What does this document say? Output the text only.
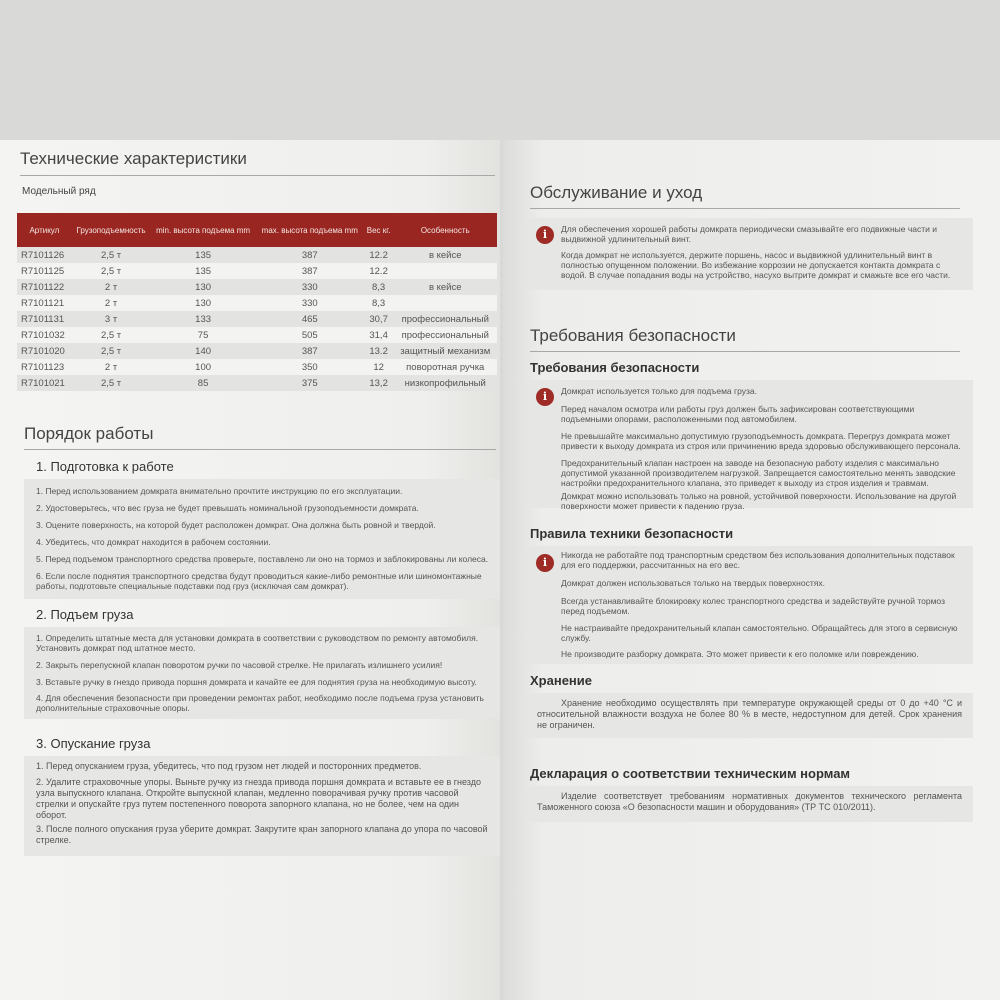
Технические характеристики
Модельный ряд
Артикул	Грузоподъемность	min. высота подъема mm	max. высота подъема mm	Вес кг.	Особенность
R7101126	2,5 т	135	387	12.2	в кейсе
R7101125	2,5 т	135	387	12.2	
R7101122	2 т	130	330	8,3	в кейсе
R7101121	2 т	130	330	8,3	
R7101131	3 т	133	465	30,7	профессиональный
R7101032	2,5 т	75	505	31,4	профессиональный
R7101020	2,5 т	140	387	13.2	защитный механизм
R7101123	2 т	100	350	12	поворотная ручка
R7101021	2,5 т	85	375	13,2	низкопрофильный
Порядок работы
1. Подготовка к работе
1. Перед использованием домкрата внимательно прочтите инструкцию по его эксплуатации.
2. Удостоверьтесь, что вес груза не будет превышать номинальной грузоподъемности домкрата.
3. Оцените поверхность, на которой будет расположен домкрат. Она должна быть ровной и твердой.
4. Убедитесь, что домкрат находится в рабочем состоянии.
5. Перед подъемом транспортного средства проверьте, поставлено ли оно на тормоз и заблокированы ли колеса.
6. Если после поднятия транспортного средства будут проводиться какие-либо ремонтные или шиномонтажные работы, подготовьте специальные подставки под груз (исключая сам домкрат).
2. Подъем груза
1. Определить штатные места для установки домкрата в соответствии с руководством по ремонту автомобиля. Установить домкрат под штатное место.
2. Закрыть перепускной клапан поворотом ручки по часовой стрелке. Не прилагать излишнего усилия!
3. Вставьте ручку в гнездо привода поршня домкрата и качайте ее для поднятия груза на необходимую высоту.
4. Для обеспечения безопасности при проведении ремонтах работ, необходимо после подъема груза установить дополнительные страховочные опоры.
3. Опускание груза
1. Перед опусканием груза, убедитесь, что под грузом нет людей и посторонних предметов.
2. Удалите страховочные упоры. Выньте ручку из гнезда привода поршня домкрата и вставьте ее в гнездо узла выпускного клапана. Откройте выпускной клапан, медленно поворачивая ручку против часовой стрелки и опускайте груз путем постепенного поворота запорного клапана, но не более, чем на один оборот.
3. После полного опускания груза уберите домкрат. Закрутите кран запорного клапана до упора по часовой стрелке.
Обслуживание и уход
i	Для обеспечения хорошей работы домкрата периодически смазывайте его подвижные части и выдвижной удлинительный винт.
Когда домкрат не используется, держите поршень, насос и выдвижной удлинительный винт в полностью опущенном положении. Во избежание коррозии не допускается контакта домкрата с водой. В случае попадания воды на устройство, насухо вытрите домкрат и смажьте все его части.
Требования безопасности
Требования безопасности
i	Домкрат используется только для подъема груза.
Перед началом осмотра или работы груз должен быть зафиксирован соответствующими подъемными опорами, расположенными под автомобилем.
Не превышайте максимально допустимую грузоподъемность домкрата. Перегруз домкрата может привести к выходу домкрата из строя или причинению вреда здоровью обслуживающего персонала.
Предохранительный клапан настроен на заводе на безопасную работу изделия с максимально допустимой указанной производителем нагрузкой. Запрещается самостоятельно менять заводские настройки предохранительного клапана, это приведет к выходу из строя изделия и травмам.
Домкрат можно использовать только на ровной, устойчивой поверхности. Использование на другой поверхности может привести к падению груза.
Правила техники безопасности
i
Никогда не работайте под транспортным средством без использования дополнительных подставок для его поддержки, рассчитанных на его вес.
Домкрат должен использоваться только на твердых поверхностях.
Всегда устанавливайте блокировку колес транспортного средства и задействуйте ручной тормоз перед подъемом.
Не настраивайте предохранительный клапан самостоятельно. Обращайтесь для этого в сервисную службу.
Не производите разборку домкрата. Это может привести к его поломке или повреждению.
Хранение
Хранение необходимо осуществлять при температуре окружающей среды от 0 до +40 °С и относительной влажности воздуха не более 80 % в месте, недоступном для детей. Срок хранения не ограничен.
Декларация о соответствии техническим нормам
Изделие соответствует требованиям нормативных документов технического регламента Таможенного союза «О безопасности машин и оборудования» (ТР ТС 010/2011).
